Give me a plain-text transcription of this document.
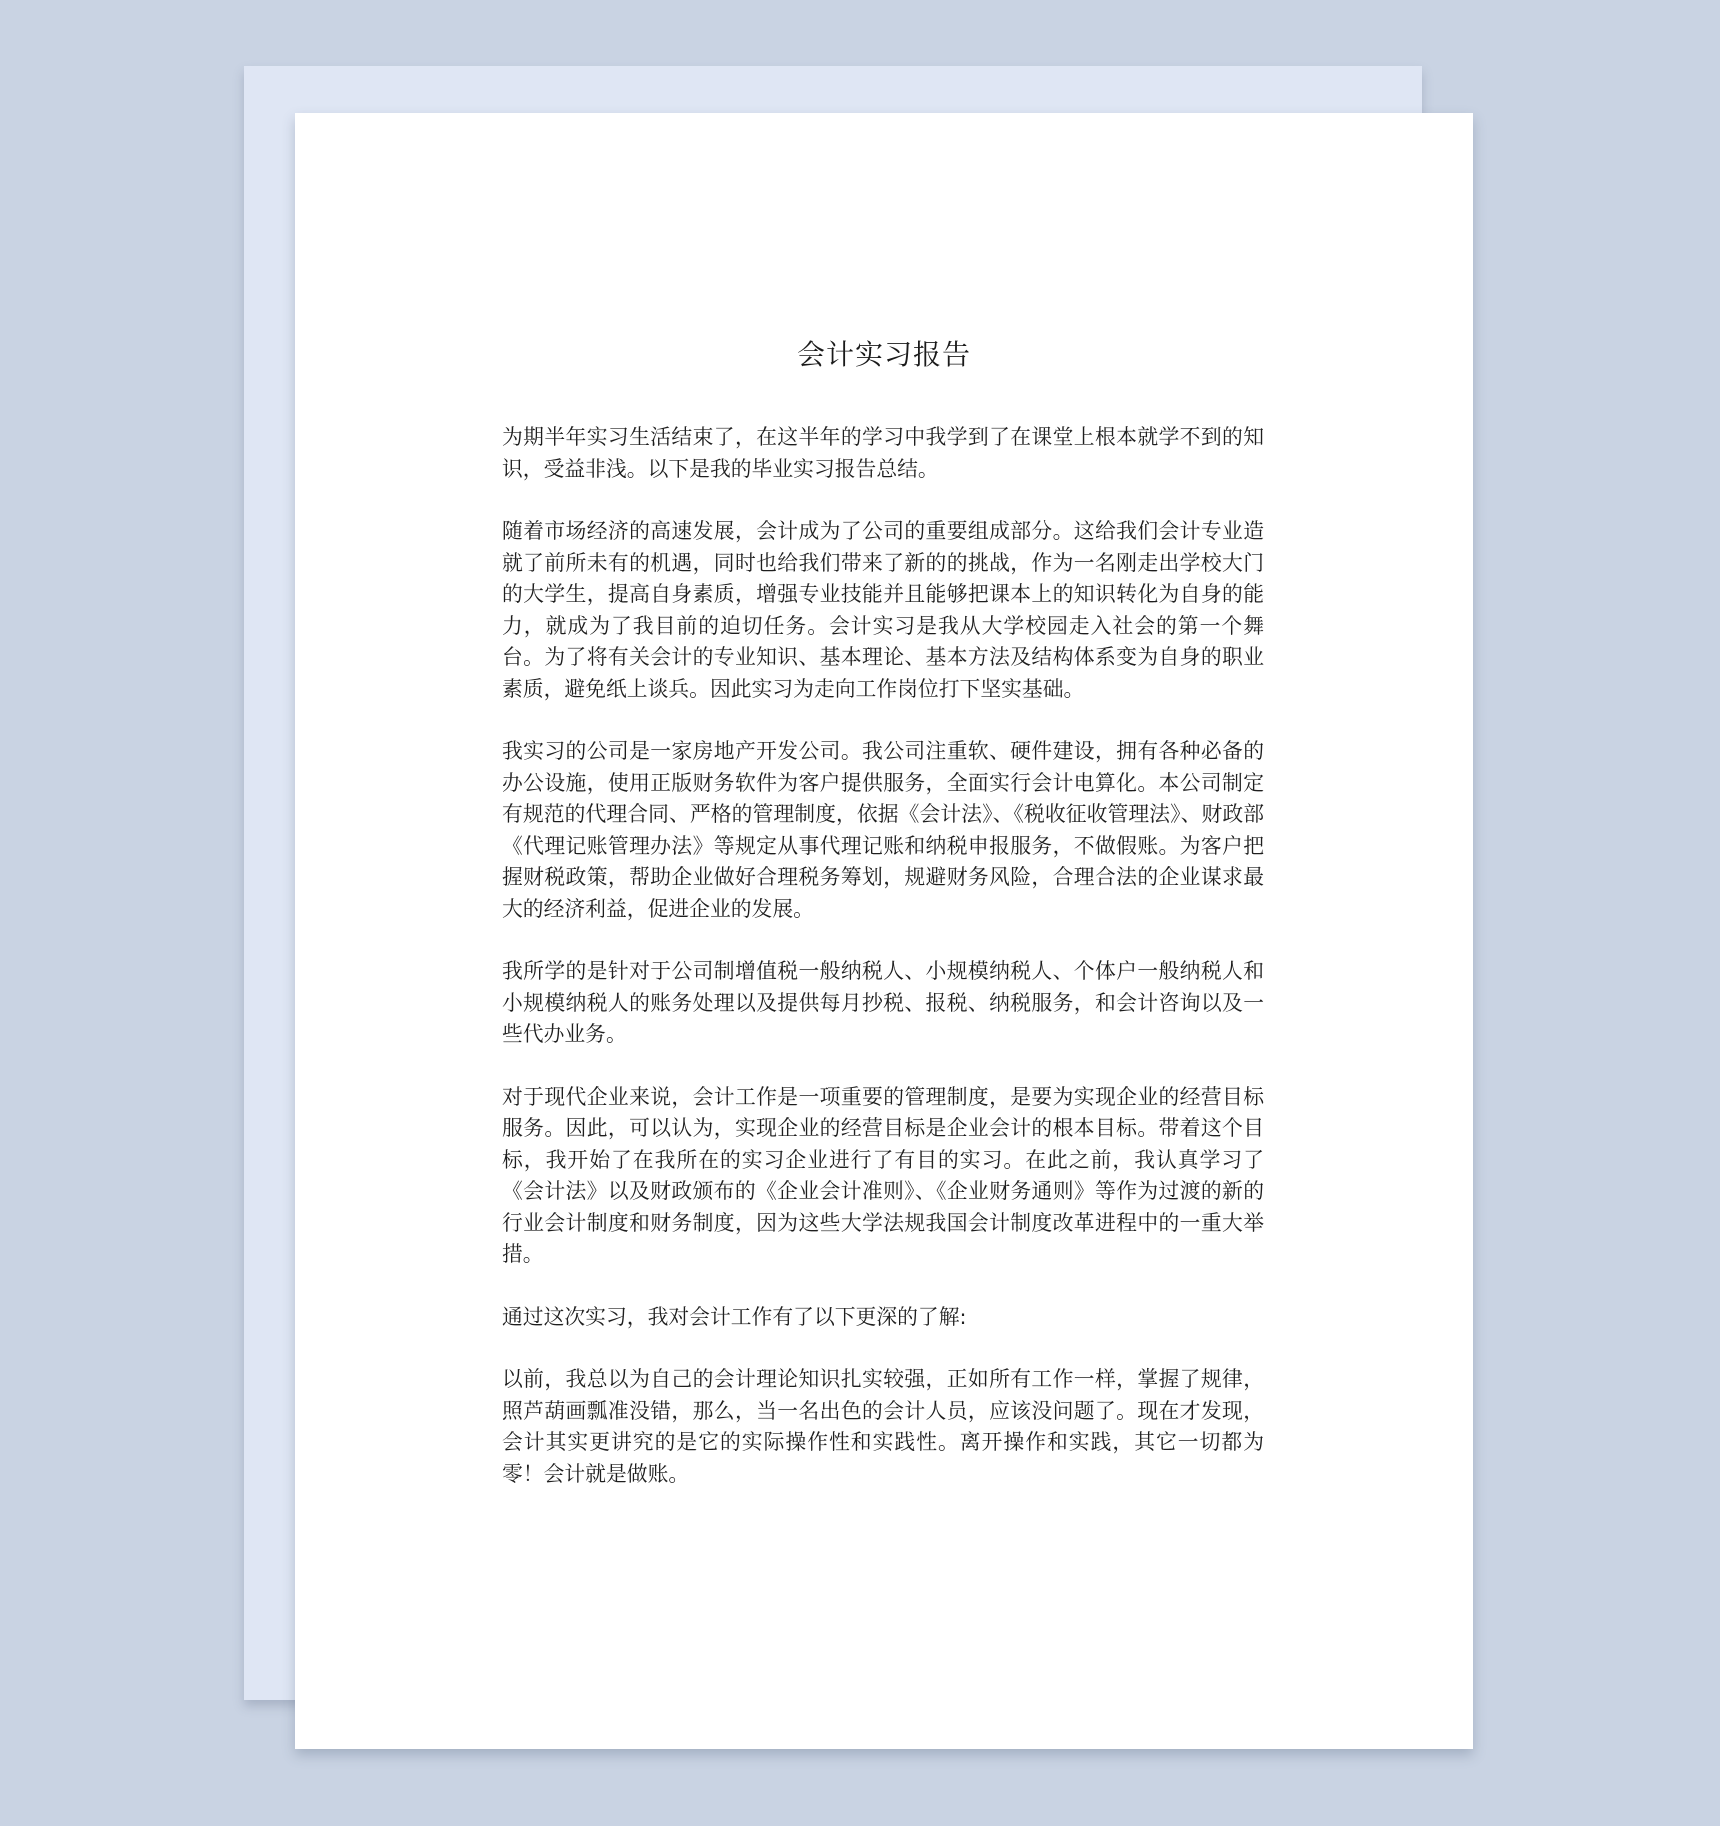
会计实习报告

为期半年实习生活结束了，在这半年的学习中我学到了在课堂上根本就学不到的知识，受益非浅。以下是我的毕业实习报告总结。

随着市场经济的高速发展，会计成为了公司的重要组成部分。这给我们会计专业造就了前所未有的机遇，同时也给我们带来了新的的挑战，作为一名刚走出学校大门的大学生，提高自身素质，增强专业技能并且能够把课本上的知识转化为自身的能力，就成为了我目前的迫切任务。会计实习是我从大学校园走入社会的第一个舞台。为了将有关会计的专业知识、基本理论、基本方法及结构体系变为自身的职业素质，避免纸上谈兵。因此实习为走向工作岗位打下坚实基础。

我实习的公司是一家房地产开发公司。我公司注重软、硬件建设，拥有各种必备的办公设施，使用正版财务软件为客户提供服务，全面实行会计电算化。本公司制定有规范的代理合同、严格的管理制度，依据《会计法》、《税收征收管理法》、财政部《代理记账管理办法》等规定从事代理记账和纳税申报服务，不做假账。为客户把握财税政策，帮助企业做好合理税务筹划，规避财务风险，合理合法的企业谋求最大的经济利益，促进企业的发展。

我所学的是针对于公司制增值税一般纳税人、小规模纳税人、个体户一般纳税人和小规模纳税人的账务处理以及提供每月抄税、报税、纳税服务，和会计咨询以及一些代办业务。

对于现代企业来说，会计工作是一项重要的管理制度，是要为实现企业的经营目标服务。因此，可以认为，实现企业的经营目标是企业会计的根本目标。带着这个目标，我开始了在我所在的实习企业进行了有目的实习。在此之前，我认真学习了《会计法》以及财政颁布的《企业会计准则》、《企业财务通则》等作为过渡的新的行业会计制度和财务制度，因为这些大学法规我国会计制度改革进程中的一重大举措。

通过这次实习，我对会计工作有了以下更深的了解:

以前，我总以为自己的会计理论知识扎实较强，正如所有工作一样，掌握了规律，照芦葫画瓢准没错，那么，当一名出色的会计人员，应该没问题了。现在才发现，会计其实更讲究的是它的实际操作性和实践性。离开操作和实践，其它一切都为零！会计就是做账。
